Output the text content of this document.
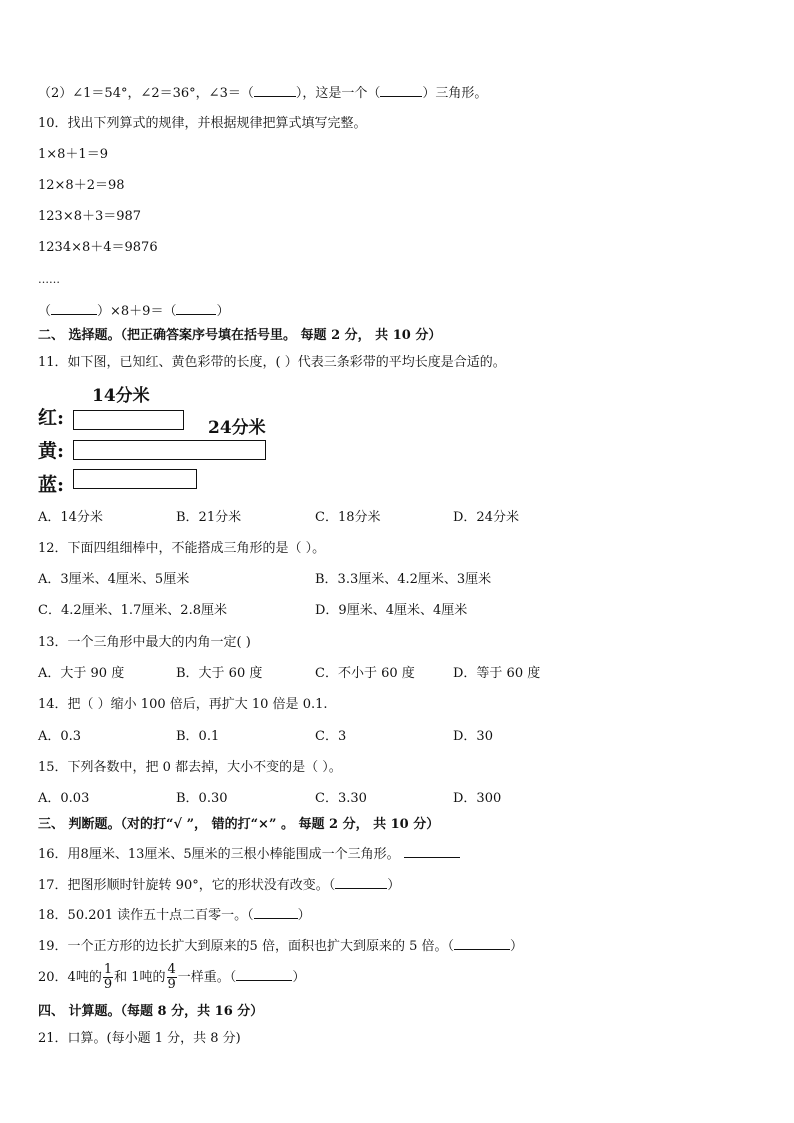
（2）∠1＝54°，∠2＝36°，∠3＝（	），这是一个（	）三角形。
10．找出下列算式的规律，并根据规律把算式填写完整。
1×8＋1＝9
12×8＋2＝98
123×8＋3＝987
1234×8＋4＝9876
……
（	）×8＋9＝（	）
二、 选择题。（把正确答案序号填在括号里。 每题 2 分， 共 10 分）
11．如下图，已知红、黄色彩带的长度，( ）代表三条彩带的平均长度是合适的。
14分米
红:	24分米
黄:
蓝:
A．14分米	B．21分米	C．18分米	D．24分米
12．下面四组细棒中，不能搭成三角形的是（ ）。
A．3厘米、4厘米、5厘米	B．3.3厘米、4.2厘米、3厘米
C．4.2厘米、1.7厘米、2.8厘米	D．9厘米、4厘米、4厘米
13．一个三角形中最大的内角一定( )
A．大于 90 度	B．大于 60 度	C．不小于 60 度	D．等于 60 度
14．把（ ）缩小 100 倍后，再扩大 10 倍是 0.1.
A．0.3	B．0.1	C．3	D．30
15．下列各数中，把 0 都去掉，大小不变的是（ ）。
A．0.03	B．0.30	C．3.30	D．300
三、 判断题。（对的打“√ ”， 错的打“×” 。 每题 2 分， 共 10 分）
16．用8厘米、13厘米、5厘米的三根小棒能围成一个三角形。
17．把图形顺时针旋转 90°，它的形状没有改变。（	）
18．50.201 读作五十点二百零一。（	）
19．一个正方形的边长扩大到原来的5 倍，面积也扩大到原来的 5 倍。（	）
20．4吨的 $\frac{1}{9}$ 和 1吨的 $\frac{4}{9}$ 一样重。（	）
四、 计算题。（每题 8 分，共 16 分）
21．口算。(每小题 1 分，共 8 分)
